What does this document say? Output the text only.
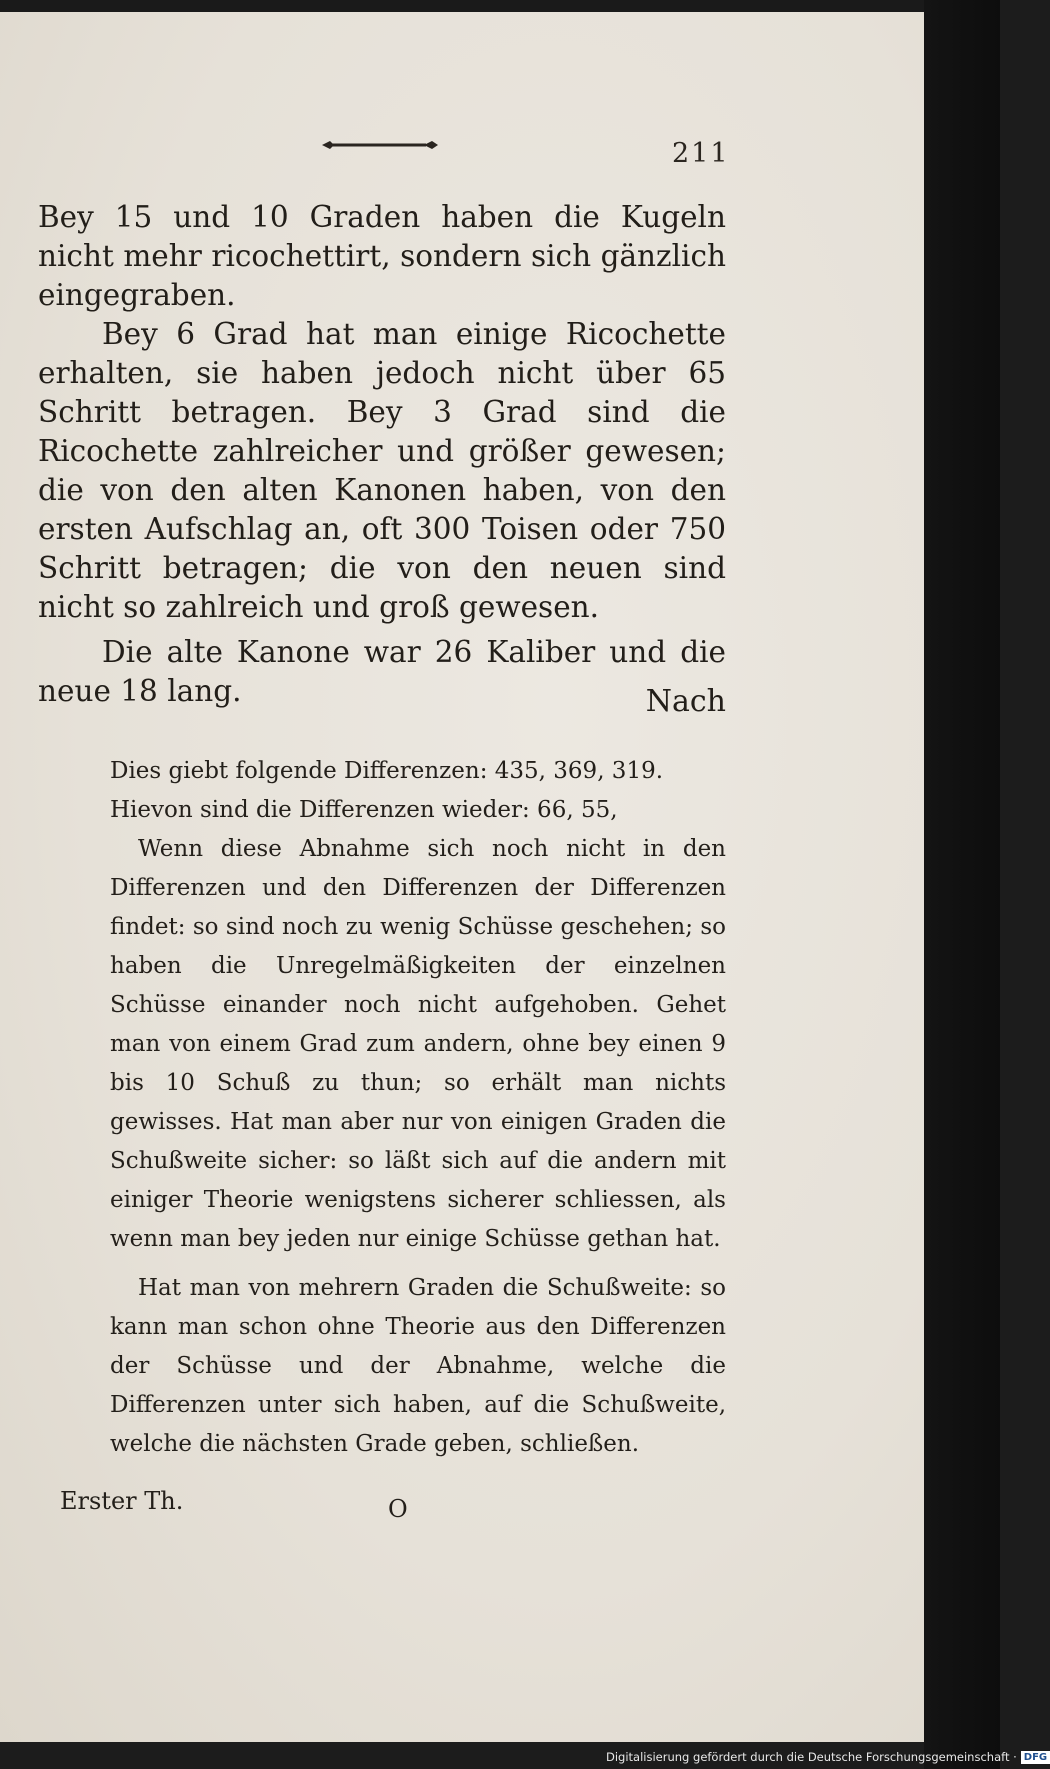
211

Bey 15 und 10 Graden haben die Kugeln nicht mehr ricochettirt, sondern sich gänzlich eingegraben.

Bey 6 Grad hat man einige Ricochette erhalten, sie haben jedoch nicht über 65 Schritt betragen. Bey 3 Grad sind die Ricochette zahlreicher und größer gewesen; die von den alten Kanonen haben, von den ersten Aufschlag an, oft 300 Toisen oder 750 Schritt betragen; die von den neuen sind nicht so zahlreich und groß gewesen.

Die alte Kanone war 26 Kaliber und die neue 18 lang.	Nach

Dies giebt folgende Differenzen: 435, 369, 319.

Hievon sind die Differenzen wieder: 66, 55,

Wenn diese Abnahme sich noch nicht in den Differenzen und den Differenzen der Differenzen findet: so sind noch zu wenig Schüsse geschehen; so haben die Unregelmäßigkeiten der einzelnen Schüsse einander noch nicht aufgehoben. Gehet man von einem Grad zum andern, ohne bey einen 9 bis 10 Schuß zu thun; so erhält man nichts gewisses. Hat man aber nur von einigen Graden die Schußweite sicher: so läßt sich auf die andern mit einiger Theorie wenigstens sicherer schliessen, als wenn man bey jeden nur einige Schüsse gethan hat.

Hat man von mehrern Graden die Schußweite: so kann man schon ohne Theorie aus den Differenzen der Schüsse und der Abnahme, welche die Differenzen unter sich haben, auf die Schußweite, welche die nächsten Grade geben, schließen.

Erster Th.	O
Digitalisierung gefördert durch die Deutsche Forschungsgemeinschaft · DFG
